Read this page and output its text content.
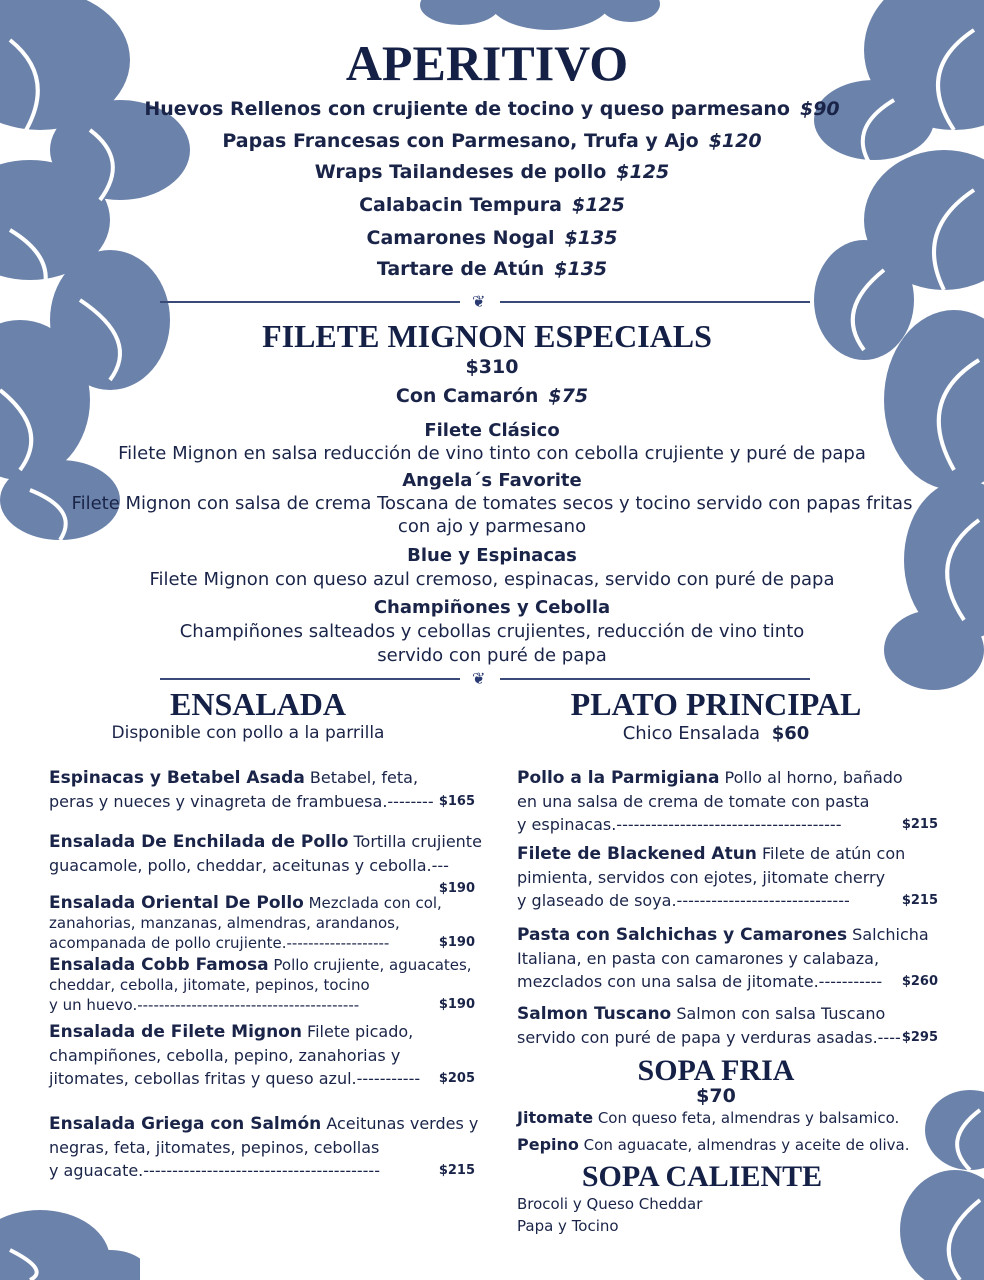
APERITIVO
Huevos Rellenos con crujiente de tocino y queso parmesano $90
Papas Francesas con Parmesano, Trufa y Ajo $120
Wraps Tailandeses de pollo $125
Calabacin Tempura $125
Camarones Nogal $135
Tartare de Atún $135
❦
FILETE MIGNON ESPECIALS
$310
Con Camarón $75
Filete Clásico
Filete Mignon en salsa reducción de vino tinto con cebolla crujiente y puré de papa
Angela´s Favorite
Filete Mignon con salsa de crema Toscana de tomates secos y tocino servido con papas fritas
con ajo y parmesano
Blue y Espinacas
Filete Mignon con queso azul cremoso, espinacas, servido con puré de papa
Champiñones y Cebolla
Champiñones salteados y cebollas crujientes, reducción de vino tinto
servido con puré de papa
❦
ENSALADA
Disponible con pollo a la parrilla
Espinacas y Betabel Asada Betabel, feta,
peras y nueces y vinagreta de frambuesa.-------- $165
Ensalada De Enchilada de Pollo Tortilla crujiente
guacamole, pollo, cheddar, aceitunas y cebolla.---
$190
Ensalada Oriental De Pollo Mezclada con col,
zanahorias, manzanas, almendras, arandanos,
acompanada de pollo crujiente.-------------------	$190
Ensalada Cobb Famosa Pollo crujiente, aguacates,
cheddar, cebolla, jitomate, pepinos, tocino
y un huevo.-----------------------------------------	$190
Ensalada de Filete Mignon Filete picado,
champiñones, cebolla, pepino, zanahorias y
jitomates, cebollas fritas y queso azul.----------- $205
Ensalada Griega con Salmón Aceitunas verdes y
negras, feta, jitomates, pepinos, cebollas
y aguacate.-----------------------------------------	$215
PLATO PRINCIPAL
Chico Ensalada $60
Pollo a la Parmigiana Pollo al horno, bañado
en una salsa de crema de tomate con pasta
y espinacas.---------------------------------------	$215
Filete de Blackened Atun Filete de atún con
pimienta, servidos con ejotes, jitomate cherry
y glaseado de soya.------------------------------	$215
Pasta con Salchichas y Camarones Salchicha
Italiana, en pasta con camarones y calabaza,
mezclados con una salsa de jitomate.----------- $260
Salmon Tuscano Salmon con salsa Tuscano
servido con puré de papa y verduras asadas.---- $295
SOPA FRIA
$70
Jitomate Con queso feta, almendras y balsamico.
Pepino Con aguacate, almendras y aceite de oliva.
SOPA CALIENTE
Brocoli y Queso Cheddar
Papa y Tocino
